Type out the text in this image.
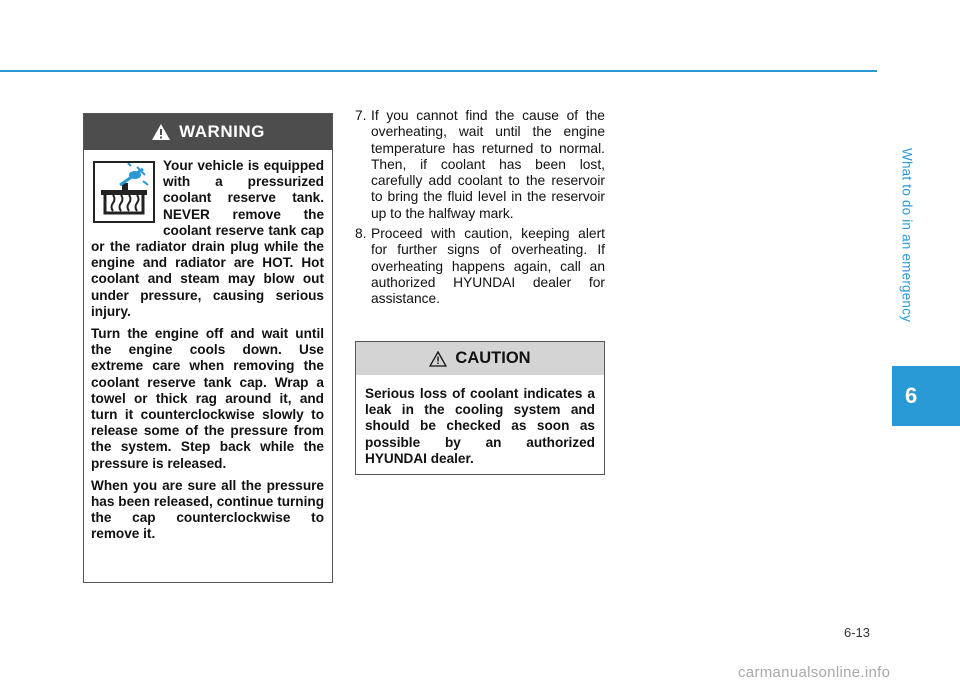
What to do in an emergency
6
WARNING

Your vehicle is equipped with a pressurized coolant reserve tank. NEVER remove the coolant reserve tank cap or the radiator drain plug while the engine and radiator are HOT. Hot coolant and steam may blow out under pressure, causing serious injury.

Turn the engine off and wait until the engine cools down. Use extreme care when removing the coolant reserve tank cap. Wrap a towel or thick rag around it, and turn it counterclockwise slowly to release some of the pressure from the system. Step back while the pressure is released.

When you are sure all the pressure has been released, continue turning the cap counterclockwise to remove it.

7. If you cannot find the cause of the overheating, wait until the engine temperature has returned to normal. Then, if coolant has been lost, carefully add coolant to the reservoir to bring the fluid level in the reservoir up to the halfway mark.
8. Proceed with caution, keeping alert for further signs of overheating. If overheating happens again, call an authorized HYUNDAI dealer for assistance.
CAUTION
Serious loss of coolant indicates a leak in the cooling system and should be checked as soon as possible by an authorized HYUNDAI dealer.
6-13
carmanualsonline.info
